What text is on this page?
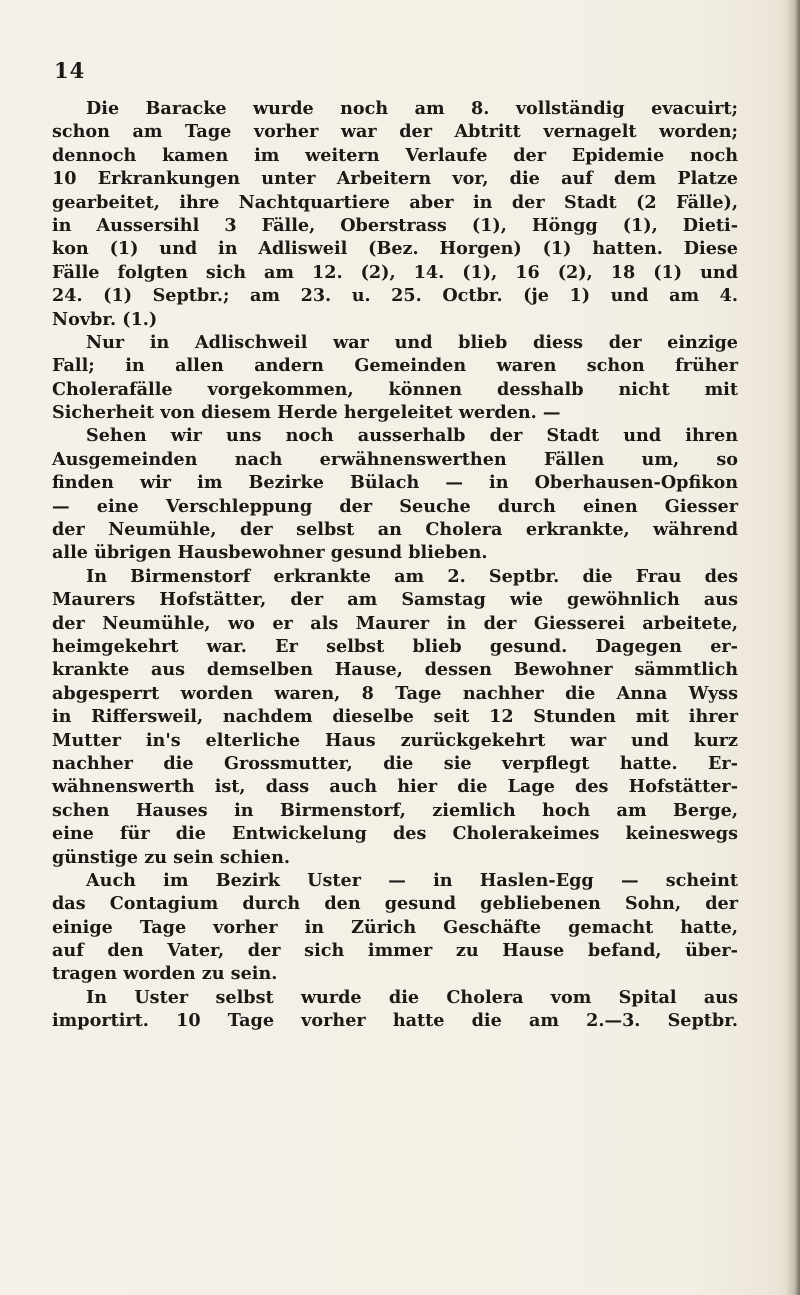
14
Die Baracke wurde noch am 8. vollständig evacuirt;
schon am Tage vorher war der Abtritt vernagelt worden;
dennoch kamen im weitern Verlaufe der Epidemie noch
10 Erkrankungen unter Arbeitern vor, die auf dem Platze
gearbeitet, ihre Nachtquartiere aber in der Stadt (2 Fälle),
in Aussersihl 3 Fälle, Oberstrass (1), Höngg (1), Dieti-
kon (1) und in Adlisweil (Bez. Horgen) (1) hatten. Diese
Fälle folgten sich am 12. (2), 14. (1), 16 (2), 18 (1) und
24. (1) Septbr.; am 23. u. 25. Octbr. (je 1) und am 4.
Novbr. (1.)
Nur in Adlischweil war und blieb diess der einzige
Fall; in allen andern Gemeinden waren schon früher
Cholerafälle vorgekommen, können desshalb nicht mit
Sicherheit von diesem Herde hergeleitet werden. —
Sehen wir uns noch ausserhalb der Stadt und ihren
Ausgemeinden nach erwähnenswerthen Fällen um, so
finden wir im Bezirke Bülach — in Oberhausen-Opfikon
— eine Verschleppung der Seuche durch einen Giesser
der Neumühle, der selbst an Cholera erkrankte, während
alle übrigen Hausbewohner gesund blieben.
In Birmenstorf erkrankte am 2. Septbr. die Frau des
Maurers Hofstätter, der am Samstag wie gewöhnlich aus
der Neumühle, wo er als Maurer in der Giesserei arbeitete,
heimgekehrt war. Er selbst blieb gesund. Dagegen er-
krankte aus demselben Hause, dessen Bewohner sämmtlich
abgesperrt worden waren, 8 Tage nachher die Anna Wyss
in Riffersweil, nachdem dieselbe seit 12 Stunden mit ihrer
Mutter in's elterliche Haus zurückgekehrt war und kurz
nachher die Grossmutter, die sie verpflegt hatte. Er-
wähnenswerth ist, dass auch hier die Lage des Hofstätter-
schen Hauses in Birmenstorf, ziemlich hoch am Berge,
eine für die Entwickelung des Cholerakeimes keineswegs
günstige zu sein schien.
Auch im Bezirk Uster — in Haslen-Egg — scheint
das Contagium durch den gesund gebliebenen Sohn, der
einige Tage vorher in Zürich Geschäfte gemacht hatte,
auf den Vater, der sich immer zu Hause befand, über-
tragen worden zu sein.
In Uster selbst wurde die Cholera vom Spital aus
importirt. 10 Tage vorher hatte die am 2.—3. Septbr.
